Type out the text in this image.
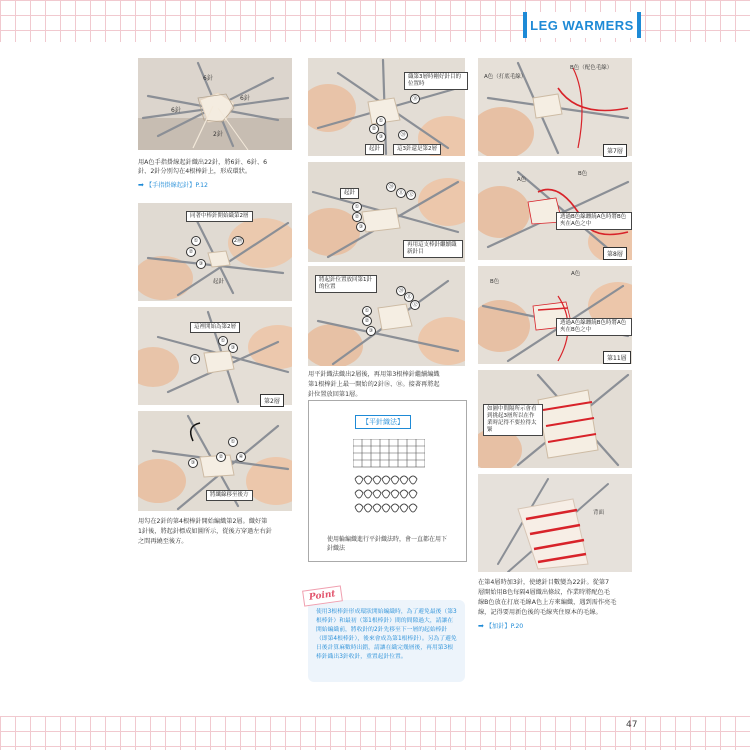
LEG WARMERS
47
6針
6針
6針
2針
用A色手指掛線起針織出22針，將6針、6針、6
針、2針分別勾在4根棒針上，形成環狀。
➡ 【手指掛線起針】P.12
同著中棒針開始織第2層
①
②
③
2層
起針
這裡開始為第2層
①
②
③
第2層
①
②
③
④
將纖線移至後方
用勾在2針的第4根棒針開始編織第2層。織好第
1針後，將起針標成如圖所示，從後方穿過左右針
之間再繞至後方。
織第3層時剛好針目的位置時
⑱
①
②
③	⑳
起針	這3針還是第2層
起針
⑳
⑪ ⑫
①
②
③
再用這支棒針繼續織新針目
將起針位置放回第1針的位置
⑳
⑪
⑫
①
②
③
用平針織法織出2層後，再用第3根棒針繼續編織
第1根棒針上最一開始的2針⑯、⑱。接著再將起
針位置放回第1層。
【平針織法】
使用輪編織進行平針織法時，會一直都在用下針織法
Point
使用3根棒針形成環狀開始編織時，為了避免最後（第3根棒針）和最初（第1根棒針）間的間隙過大，請讓在開始編織前，將收針的2針先移至下一層的起始棒針（即第4根棒針），後來會成為第1根棒針）。另為了避免日後計算麻數時出錯，請讓在織完幾層後，再用第3根棒針織出3針收針，重置起針位置。
B色（配色毛線）
A色（打底毛線）
第7層
A色
B色
透過B色線纏繞A色時將B色夾在A色之中
第8層
A色
B色
透過A色線纏繞B色時將A色夾在B色之中
第11層
如圖中間隔所示會看到挑起3層所以在作業時記得不要拉得太緊
背面
在第4層時加3針，使總針目數變為22針。從第7
層開始用B色每隔4層織出條紋，作業時將配色毛
線B色放在打底毛線A色上方來編織，遇到需作亮毛
線，記得要用新色後的毛線夾住原本的毛線。
➡ 【加針】P.20
